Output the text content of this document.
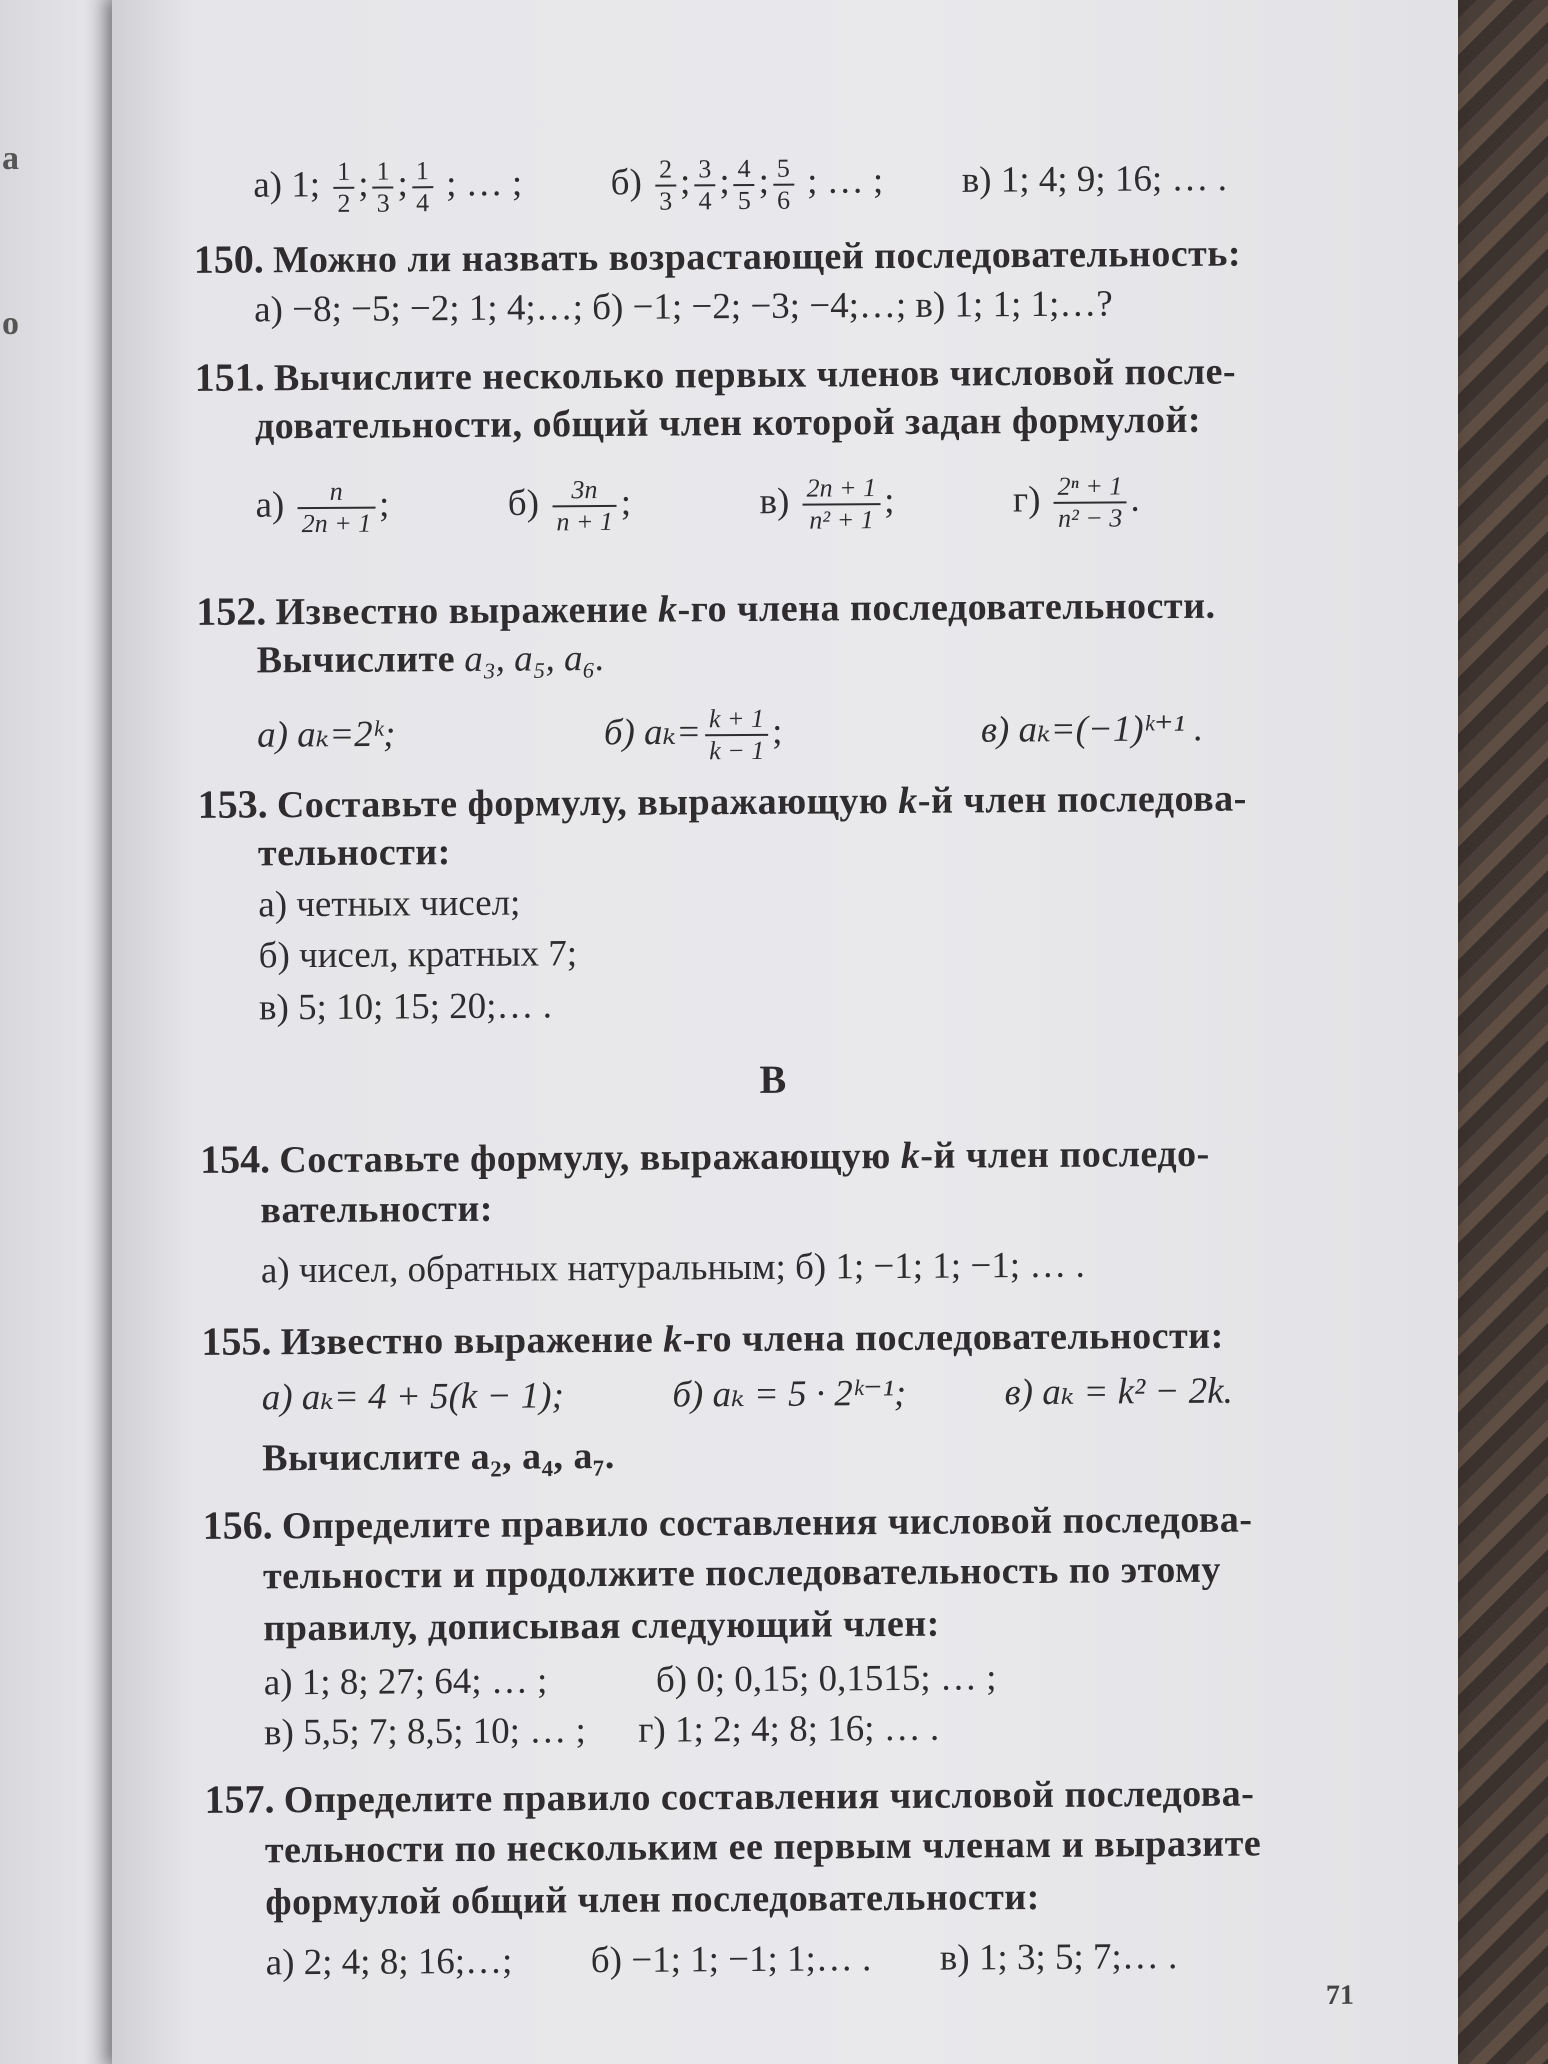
а
о
а) 1; $\frac{1}{2}$ ; $\frac{1}{3}$ ; $\frac{1}{4}$ ; … ; $б) \frac{2}{3}$ ; $\frac{3}{4}$ ; $\frac{4}{5}$ ; $\frac{5}{6}$ ; … ; в) 1; 4; 9; 16; … .
150. Можно ли назвать возрастающей последовательность:
а) −8; −5; −2; 1; 4;…; б) −1; −2; −3; −4;…; в) 1; 1; 1;…?
151. Вычислите несколько первых членов числовой после-
довательности, общий член которой задан формулой:
$а) \frac{n}{2n + 1}$ ;	$б) \frac{3n}{n + 1}$ ;	$в) \frac{2n + 1}{\text{n² + 1}}$ ;	$г) \frac{\text{2ⁿ + 1}}{\text{n² − 3}}$ .
152. Известно выражение k-го члена последовательности.
Вычислите a₃, a₅, a₆.
а) aₖ=2ᵏ;	б) $a_k= \frac{k + 1}{k - 1}$ ;	в) aₖ=(−1)ᵏ⁺¹ .
153. Составьте формулу, выражающую k-й член последова-
тельности:
а) четных чисел;
б) чисел, кратных 7;
в) 5; 10; 15; 20;… .
В
154. Составьте формулу, выражающую k-й член последо-
вательности:
а) чисел, обратных натуральным; б) 1; −1; 1; −1; … .
155. Известно выражение k-го члена последовательности:
а) aₖ= 4 + 5(k − 1);	б) aₖ = 5 · 2ᵏ⁻¹;	в) aₖ = k² − 2k.
Вычислите a₂, a₄, a₇.
156. Определите правило составления числовой последова-
тельности и продолжите последовательность по этому
правилу, дописывая следующий член:
а) 1; 8; 27; 64; … ;	б) 0; 0,15; 0,1515; … ;
в) 5,5; 7; 8,5; 10; … ; г) 1; 2; 4; 8; 16; … .
157. Определите правило составления числовой последова-
тельности по нескольким ее первым членам и выразите
формулой общий член последовательности:
а) 2; 4; 8; 16;…; б) −1; 1; −1; 1;… . в) 1; 3; 5; 7;… .
71
